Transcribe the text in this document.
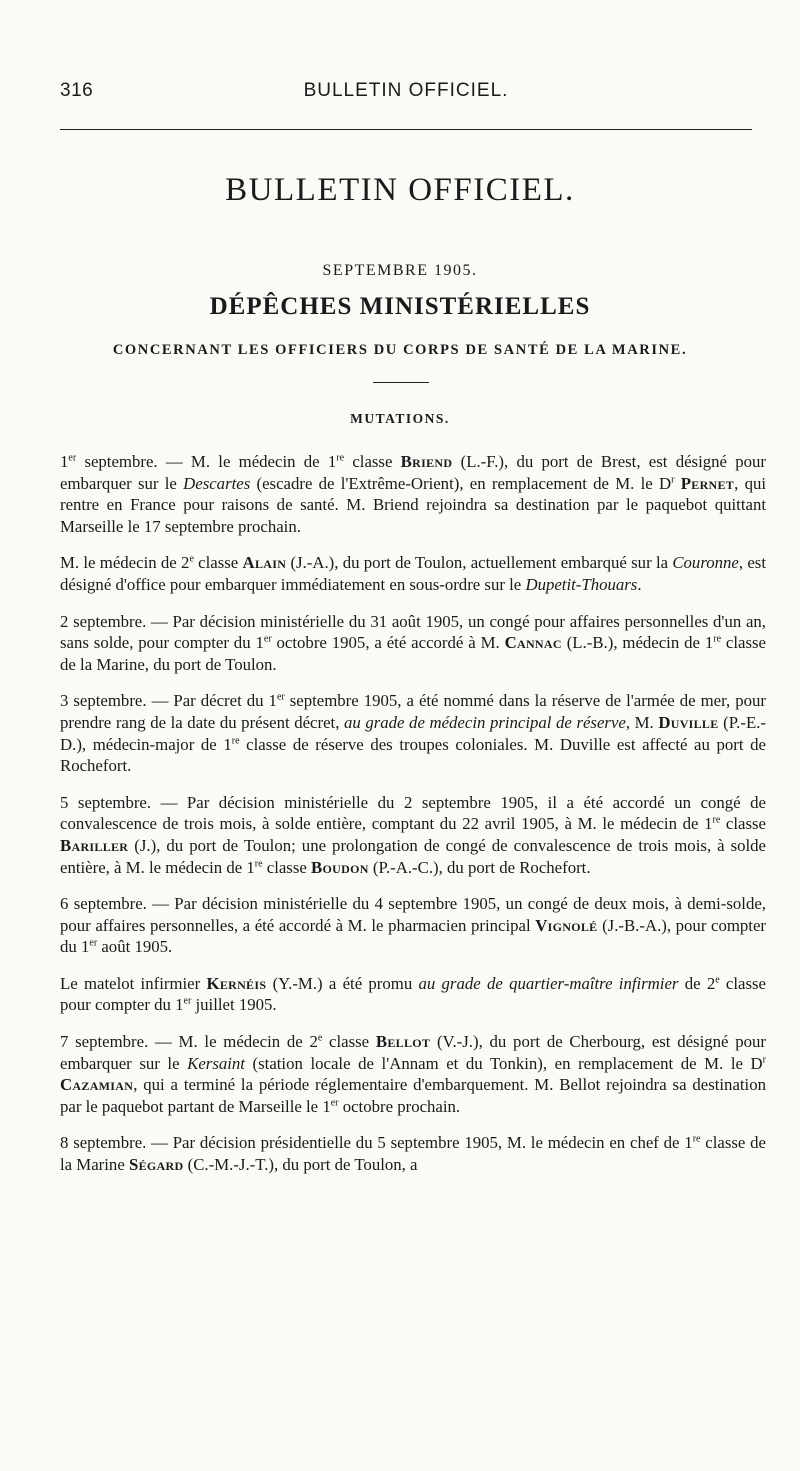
316	BULLETIN OFFICIEL.
BULLETIN OFFICIEL.
SEPTEMBRE 1905.
DÉPÊCHES MINISTÉRIELLES
CONCERNANT LES OFFICIERS DU CORPS DE SANTÉ DE LA MARINE.
MUTATIONS.

1er septembre. — M. le médecin de 1re classe Briend (L.-F.), du port de Brest, est désigné pour embarquer sur le Descartes (escadre de l'Extrême-Orient), en remplacement de M. le $D^r$ Pernet, qui rentre en France pour raisons de santé. M. Briend rejoindra sa destination par le paquebot quittant Marseille le 17 septembre prochain.

M. le médecin de 2e classe Alain (J.-A.), du port de Toulon, actuellement embarqué sur la Couronne, est désigné d'office pour embarquer immédiatement en sous-ordre sur le Dupetit-Thouars.

2 septembre. — Par décision ministérielle du 31 août 1905, un congé pour affaires personnelles d'un an, sans solde, pour compter du 1er octobre 1905, a été accordé à M. Cannac (L.-B.), médecin de 1re classe de la Marine, du port de Toulon.

3 septembre. — Par décret du 1er septembre 1905, a été nommé dans la réserve de l'armée de mer, pour prendre rang de la date du présent décret, au grade de médecin principal de réserve, M. Duville (P.-E.-D.), médecin-major de 1re classe de réserve des troupes coloniales. M. Duville est affecté au port de Rochefort.

5 septembre. — Par décision ministérielle du 2 septembre 1905, il a été accordé un congé de convalescence de trois mois, à solde entière, comptant du 22 avril 1905, à M. le médecin de 1re classe Bariller (J.), du port de Toulon; une prolongation de congé de convalescence de trois mois, à solde entière, à M. le médecin de 1re classe Boudon (P.-A.-C.), du port de Rochefort.

6 septembre. — Par décision ministérielle du 4 septembre 1905, un congé de deux mois, à demi-solde, pour affaires personnelles, a été accordé à M. le pharmacien principal Vignolé (J.-B.-A.), pour compter du 1er août 1905.

Le matelot infirmier Kernéis (Y.-M.) a été promu au grade de quartier-maître infirmier de 2e classe pour compter du 1er juillet 1905.

7 septembre. — M. le médecin de 2e classe Bellot (V.-J.), du port de Cherbourg, est désigné pour embarquer sur le Kersaint (station locale de l'Annam et du Tonkin), en remplacement de M. le $D^r$ Cazamian, qui a terminé la période réglementaire d'embarquement. M. Bellot rejoindra sa destination par le paquebot partant de Marseille le 1er octobre prochain.

8 septembre. — Par décision présidentielle du 5 septembre 1905, M. le médecin en chef de 1re classe de la Marine Ségard (C.-M.-J.-T.), du port de Toulon, a
